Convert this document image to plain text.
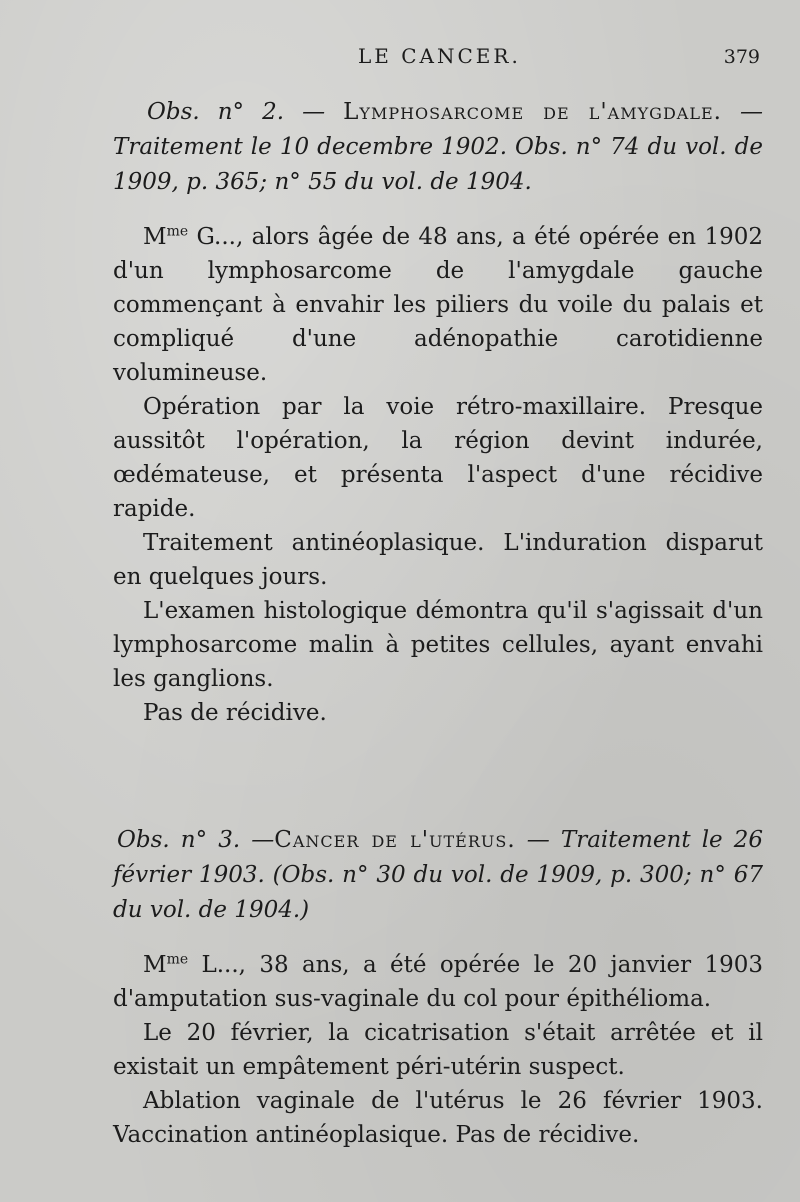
LE CANCER.	379

Obs. n° 2. — Lymphosarcome de l'amygdale. — Traitement le 10 decembre 1902. Obs. n° 74 du vol. de 1909, p. 365; n° 55 du vol. de 1904.

$M^{me}$ G..., alors âgée de 48 ans, a été opérée en 1902 d'un lymphosarcome de l'amygdale gauche commençant à envahir les piliers du voile du palais et compliqué d'une adénopathie carotidienne volumineuse.

Opération par la voie rétro-maxillaire. Presque aussitôt l'opération, la région devint indurée, œdémateuse, et présenta l'aspect d'une récidive rapide.

Traitement antinéoplasique. L'induration disparut en quelques jours.

L'examen histologique démontra qu'il s'agissait d'un lymphosarcome malin à petites cellules, ayant envahi les ganglions.

Pas de récidive.

Obs. n° 3. —Cancer de l'utérus. — Traitement le 26 février 1903. (Obs. n° 30 du vol. de 1909, p. 300; n° 67 du vol. de 1904.)

$M^{me}$ L..., 38 ans, a été opérée le 20 janvier 1903 d'amputation sus-vaginale du col pour épithélioma.

Le 20 février, la cicatrisation s'était arrêtée et il existait un empâtement péri-utérin suspect.

Ablation vaginale de l'utérus le 26 février 1903. Vaccination antinéoplasique. Pas de récidive.
